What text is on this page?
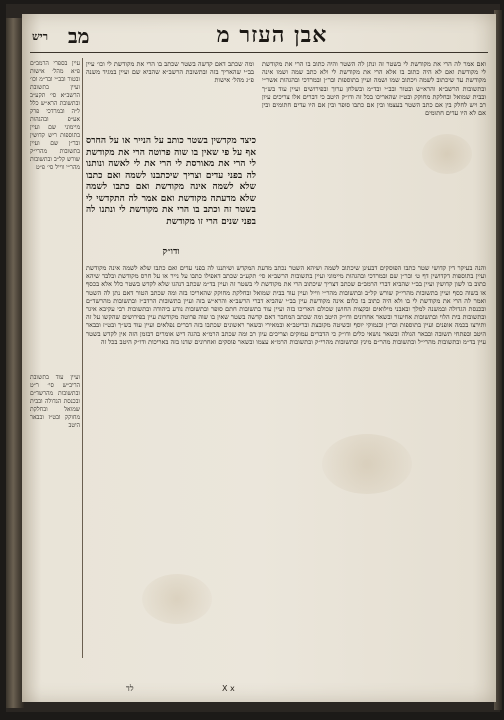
ריש מב	אבן העזר מ
עיין בספרי הרמב״ם פ״א מהל׳ אישות ובטור ובב״י ובד״מ וכו׳ ועיין בתשובת הרשב״א סי׳ תקע״ב ובתשובת הרא״ש כלל ל״ה ובמרדכי פרק אע״פ ובהגהות מיימוני שם ועיין בתוספות ריש קדושין ובר״ן שם ועיין בתשובות מהרי״ק שורש קל״ב ובתשובות מהר״י ווייל סי׳ פ״ט
ועיין עוד בתשובת הריב״ש סי׳ ר״ט ובתשובות מהרשד״ם ובכנסת הגדולה ובבית שמואל ובחלקת מחוקק ובט״ז ובבאר היטב
ומה שכתב דאם קדשה בשטר שכתב בו הרי את מקודשת לי וכו׳ עיין בב״י שהאריך בזה ובתשובת הרשב״א שהביא שם ועיין במגיד משנה פ״ג מהל׳ אישות
ואם אמר לה הרי את מקודשת לי בשטר זה ונתן לה השטר והיה כתוב בו הרי את מקודשת לי מקודשת ואם לא היה כתוב בו אלא הרי את מקודשת לי ולא כתב שמה ושמו אינה מקודשת עד שיכתוב לשמה ויכתוב שמו ושמה ועיין בתוספות ובר״ן ובמרדכי ובהגהות אשר״י ובתשובות הרשב״א והרא״ש ובטור ובב״י ובד״מ ובשלחן ערוך ובפירושים ועיין עוד בש״ך ובבית שמואל ובחלקת מחוקק ובט״ז שהאריכו בכל זה ודו״ק היטב כי דברים אלו צריכים עיון רב ויש לחלק בין אם כתב השטר בעצמו ובין אם כתבו סופר ובין אם היו עדים חתומים ובין אם לא היו עדים חתומים
כיצד מקדשין בשטר כותב על הנייר או על החרס אף על פי שאין בו שוה פרוטה הרי את מקודשת לי הרי את מאורסת לי הרי את לי לאשה ונותנו לה בפני עדים וצריך שיכתבנו לשמה ואם כתבו שלא לשמה אינה מקודשת ואם כתבו לשמה שלא מדעתה מקודשת ואם אמר לה התקדשי לי בשטר זה וכתב בו הרי את מקודשת לי ונתנו לה בפני שנים הרי זו מקודשת
ודו״ק
והנה בעיקר דין קדושי שטר כתבו הפוסקים דבעינן שיכתוב לשמה ושיהא השטר נכתב מדעת המקדש ושיתננו לה בפני עדים ואם כתבו שלא לשמה אינה מקודשת ועיין בתוספות דקדושין דף ט׳ ובר״ן שם ובמרדכי ובהגהות מיימוני ועיין בתשובות הרשב״א סי׳ תקע״ב שכתב דאפילו כתבו על נייר או על חרס מקודשת ובלבד שיהא כתוב בו לשון קדושין ועיין בב״י שהביא דברי הרמב״ם שכתב דצריך שיכתוב הרי את מקודשת לי בשטר זה ועיין בד״מ שכתב דנהגו שלא לקדש בשטר כלל אלא בכסף או בשוה כסף ועיין בתשובות מהרי״ק שורש קל״ב ובתשובות מהר״י ווייל ועיין עוד בבית שמואל ובחלקת מחוקק שהאריכו בזה ומה שכתב הטור דאם נתן לה השטר ואמר לה הרי את מקודשת לי בו ולא היה כתוב בו כלום אינה מקודשת עיין בב״י שהביא דברי הרשב״א והרא״ש בזה ועיין בתשובות הרדב״ז ובתשובות מהרשד״ם ובכנסת הגדולה ובמשנה למלך ובאבני מילואים ובקצות החושן שכולם האריכו בזה ועיין עוד בתשובות חתם סופר ובתשובות נודע ביהודה ובתשובות רבי עקיבא איגר ובתשובות בית הלוי ובתשובות אחיעזר ובשאר אחרונים ודו״ק היטב ומה שכתב המחבר דאם קדשה בשטר שאין בו שוה פרוטה מקודשת עיין בפירושים שהקשו על זה ותירצו בכמה אופנים ועיין בתוספות ובר״ן ובנמוקי יוסף ובשיטה מקובצת ובריטב״א ובמאירי ובשאר ראשונים שכתבו בזה דברים נפלאים ועיין עוד בש״ך ובט״ז ובבאר היטב ובפתחי תשובה ובבאר הגולה ובשאר נושאי כלים ודו״ק כי הדברים עמוקים וצריכים עיון רב ומה שכתב הרמ״א בהגה דיש אומרים דבזמן הזה אין לקדש בשטר עיין בד״מ ובתשובות מהרי״ל ובתשובות מהר״ם מינץ ובתשובות מהרי״ק ובתשובות הרמ״א עצמו ובשאר פוסקים ואחרונים שדנו בזה באריכות ודו״ק היטב בכל זה
לד	X x
